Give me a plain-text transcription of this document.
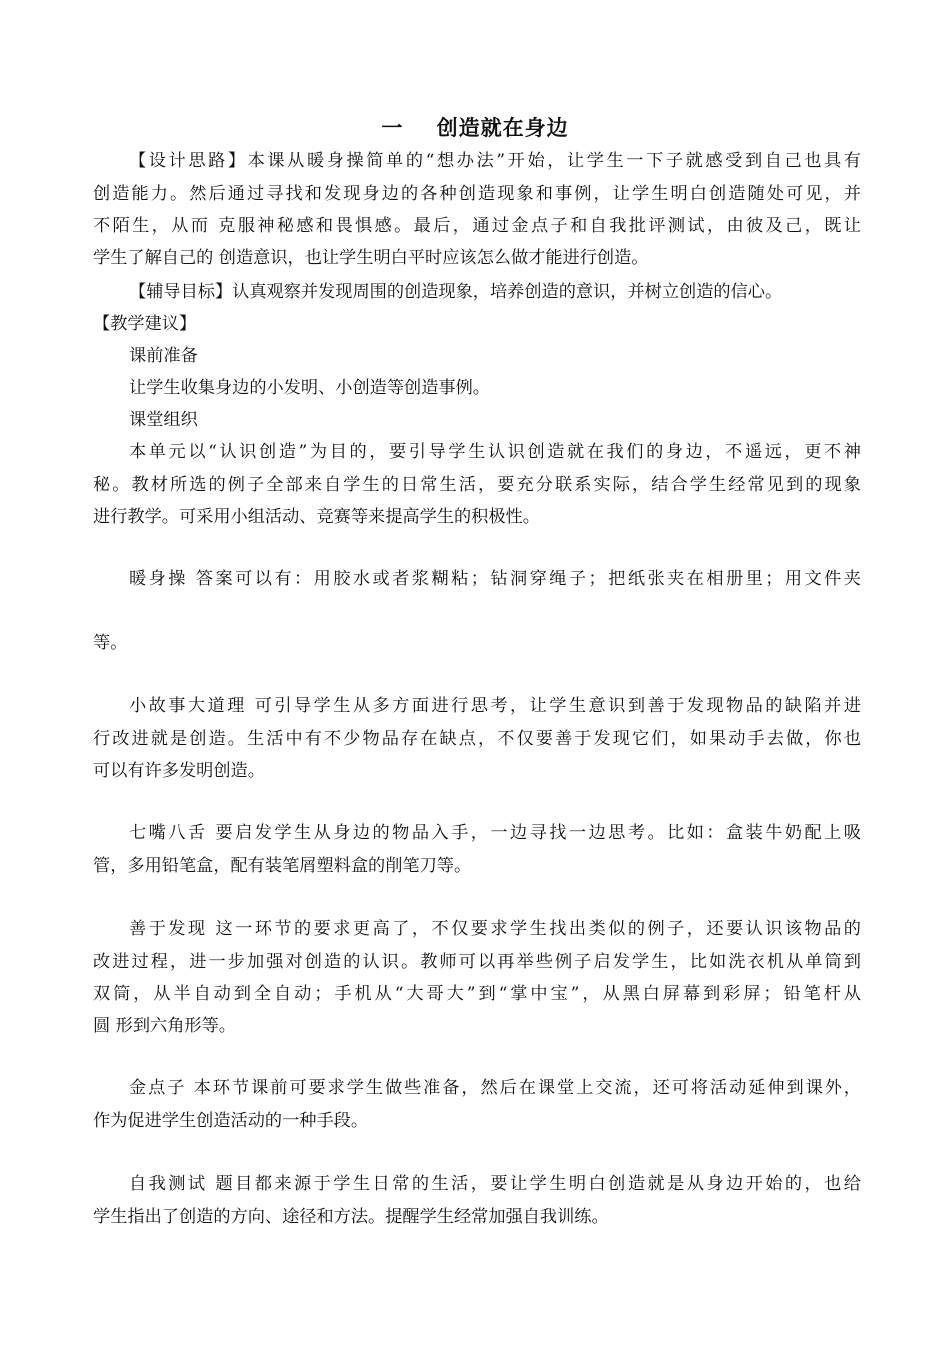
一    创造就在身边
【设计思路】本课从暖身操简单的“想办法”开始，让学生一下子就感受到自己也具有
创造能力。然后通过寻找和发现身边的各种创造现象和事例，让学生明白创造随处可见，并
不陌生，从而 克服神秘感和畏惧感。最后，通过金点子和自我批评测试，由彼及己，既让
学生了解自己的 创造意识，也让学生明白平时应该怎么做才能进行创造。
【辅导目标】认真观察并发现周围的创造现象，培养创造的意识，并树立创造的信心。
【教学建议】
课前准备
让学生收集身边的小发明、小创造等创造事例。
课堂组织
本单元以“认识创造”为目的，要引导学生认识创造就在我们的身边，不遥远，更不神
秘。教材所选的例子全部来自学生的日常生活，要充分联系实际，结合学生经常见到的现象
进行教学。可采用小组活动、竞赛等来提高学生的积极性。
暖身操 答案可以有：用胶水或者浆糊粘；钻洞穿绳子；把纸张夹在相册里；用文件夹
等。
小故事大道理 可引导学生从多方面进行思考，让学生意识到善于发现物品的缺陷并进
行改进就是创造。生活中有不少物品存在缺点，不仅要善于发现它们，如果动手去做，你也
可以有许多发明创造。
七嘴八舌 要启发学生从身边的物品入手，一边寻找一边思考。比如：盒装牛奶配上吸
管，多用铅笔盒，配有装笔屑塑料盒的削笔刀等。
善于发现 这一环节的要求更高了，不仅要求学生找出类似的例子，还要认识该物品的
改进过程，进一步加强对创造的认识。教师可以再举些例子启发学生，比如洗衣机从单筒到
双筒，从半自动到全自动；手机从“大哥大”到“掌中宝”，从黑白屏幕到彩屏；铅笔杆从
圆 形到六角形等。
金点子 本环节课前可要求学生做些准备，然后在课堂上交流，还可将活动延伸到课外，
作为促进学生创造活动的一种手段。
自我测试 题目都来源于学生日常的生活，要让学生明白创造就是从身边开始的，也给
学生指出了创造的方向、途径和方法。提醒学生经常加强自我训练。
